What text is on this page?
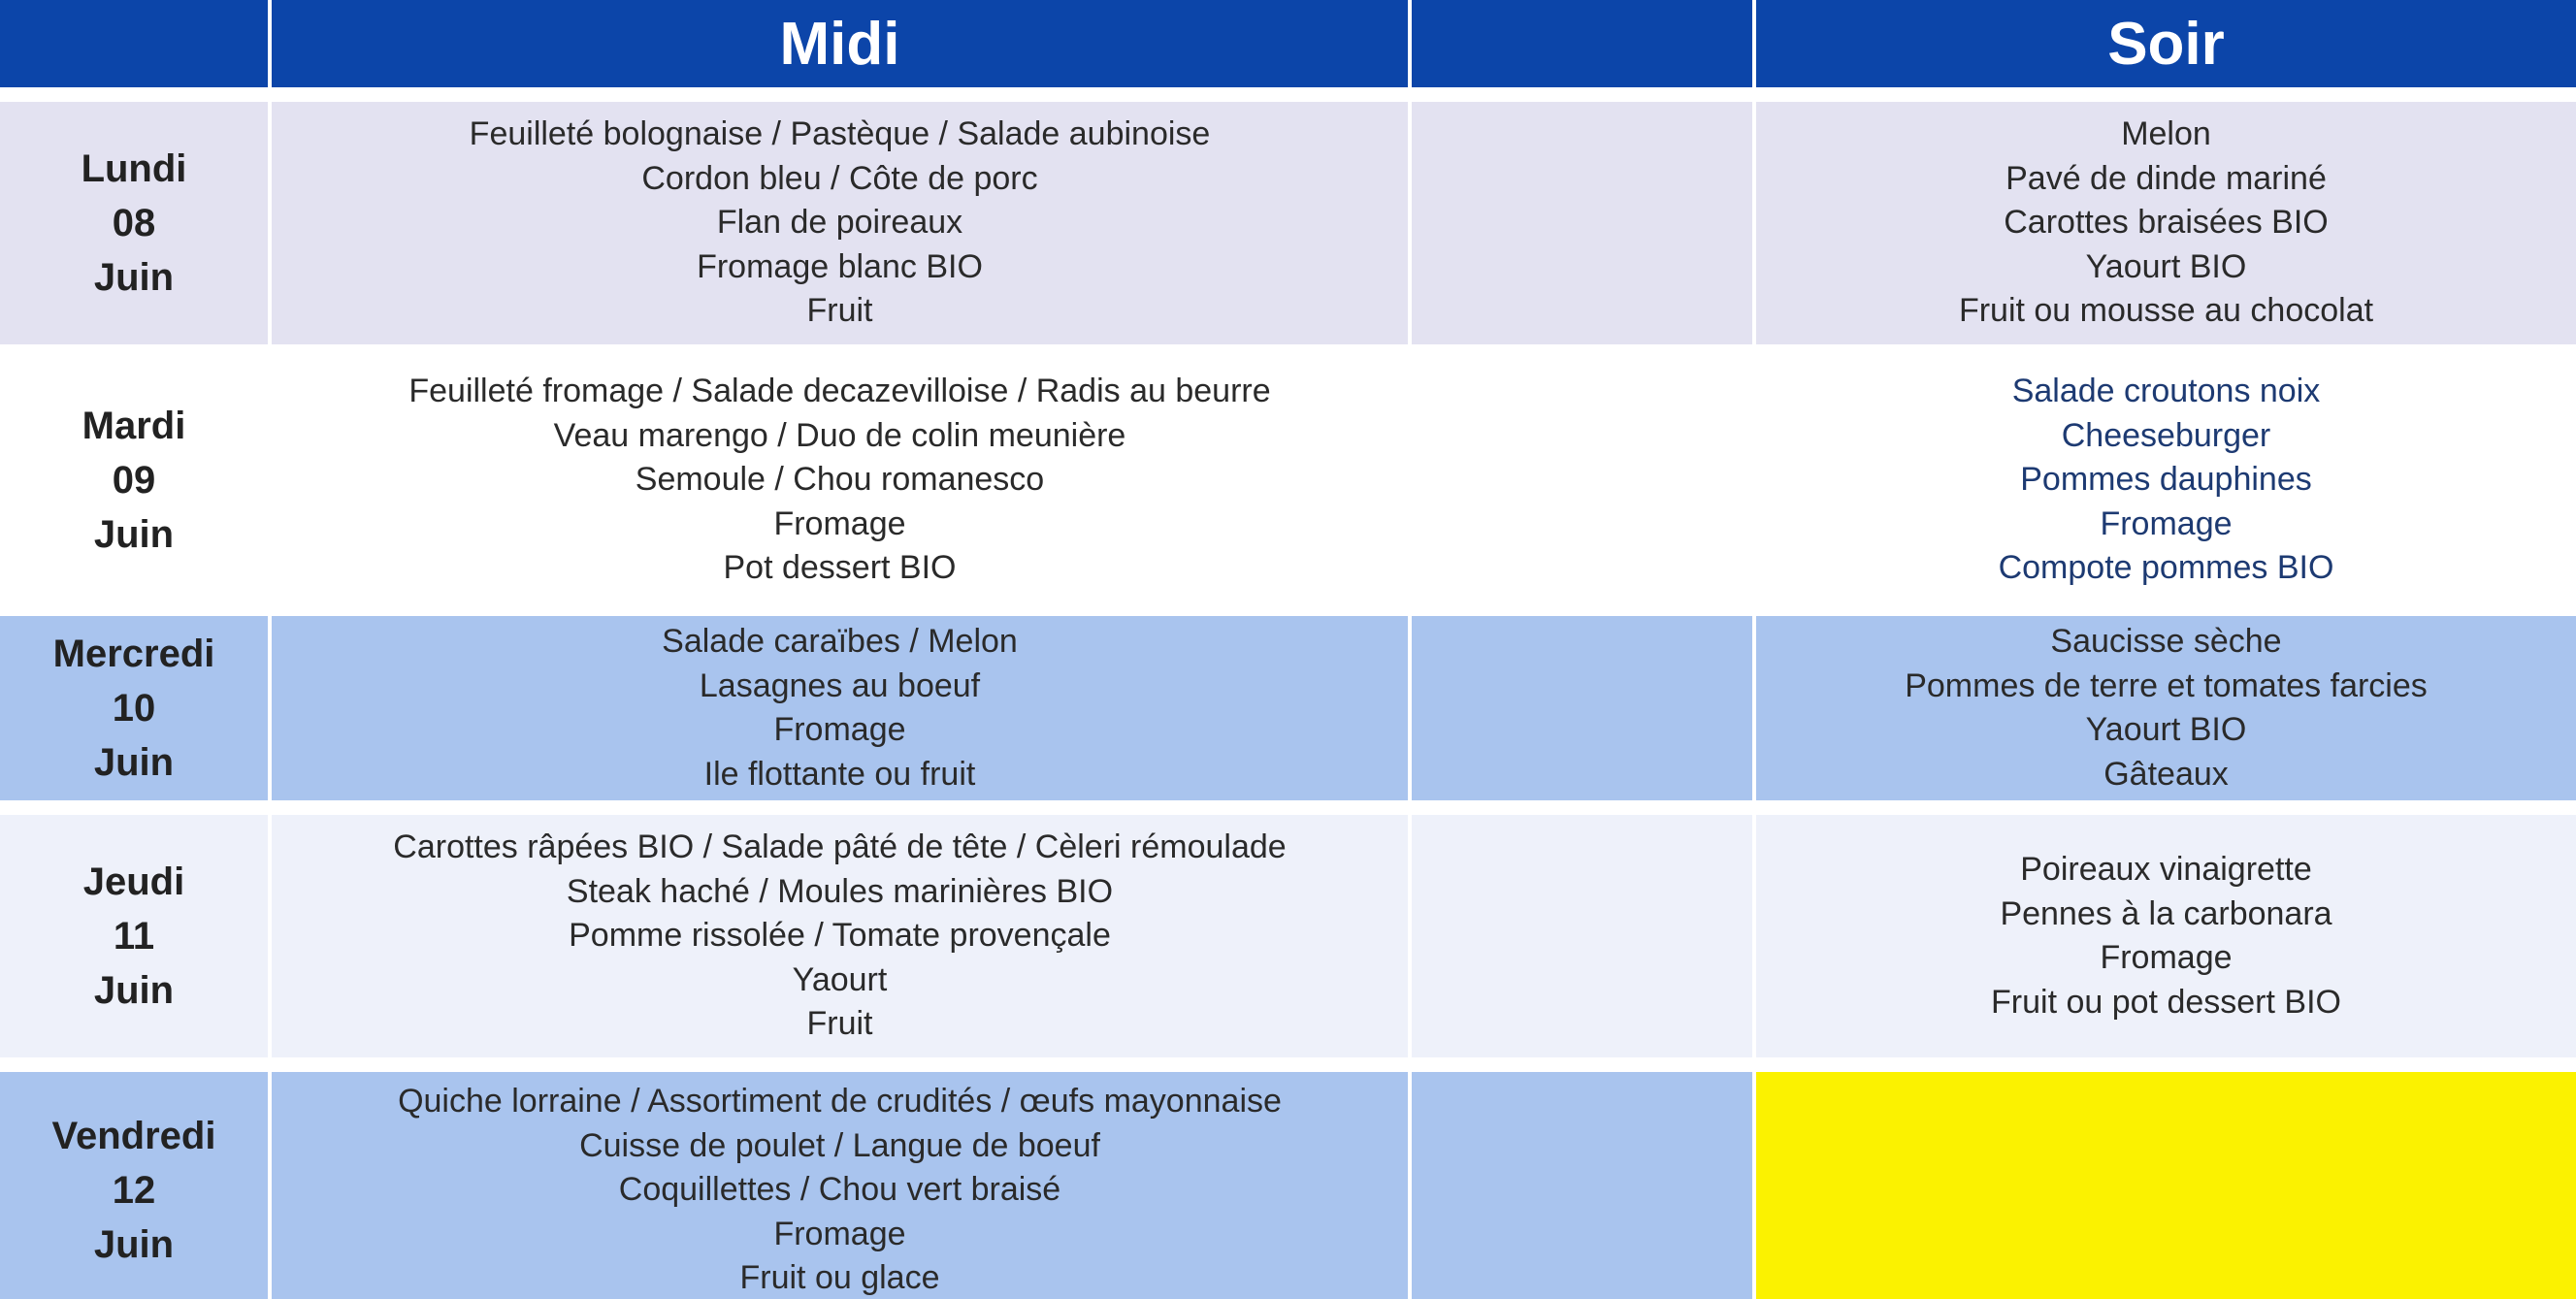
Midi	Soir
Lundi
08
Juin
Feuilleté bolognaise / Pastèque / Salade aubinoise
Cordon bleu / Côte de porc
Flan de poireaux
Fromage blanc BIO
Fruit
Melon
Pavé de dinde mariné
Carottes braisées BIO
Yaourt BIO
Fruit ou mousse au chocolat
Mardi
09
Juin
Feuilleté fromage / Salade decazevilloise / Radis au beurre
Veau marengo / Duo de colin meunière
Semoule / Chou romanesco
Fromage
Pot dessert BIO
Salade croutons noix
Cheeseburger
Pommes dauphines
Fromage
Compote pommes BIO
Mercredi
10
Juin
Salade caraïbes / Melon
Lasagnes au boeuf
Fromage
Ile flottante ou fruit
Saucisse sèche
Pommes de terre et tomates farcies
Yaourt BIO
Gâteaux
Jeudi
11
Juin
Carottes râpées BIO / Salade pâté de tête / Cèleri rémoulade
Steak haché / Moules marinières BIO
Pomme rissolée / Tomate provençale
Yaourt
Fruit
Poireaux vinaigrette
Pennes à la carbonara
Fromage
Fruit ou pot dessert BIO
Vendredi
12
Juin
Quiche lorraine / Assortiment de crudités / œufs mayonnaise
Cuisse de poulet / Langue de boeuf
Coquillettes / Chou vert braisé
Fromage
Fruit ou glace
